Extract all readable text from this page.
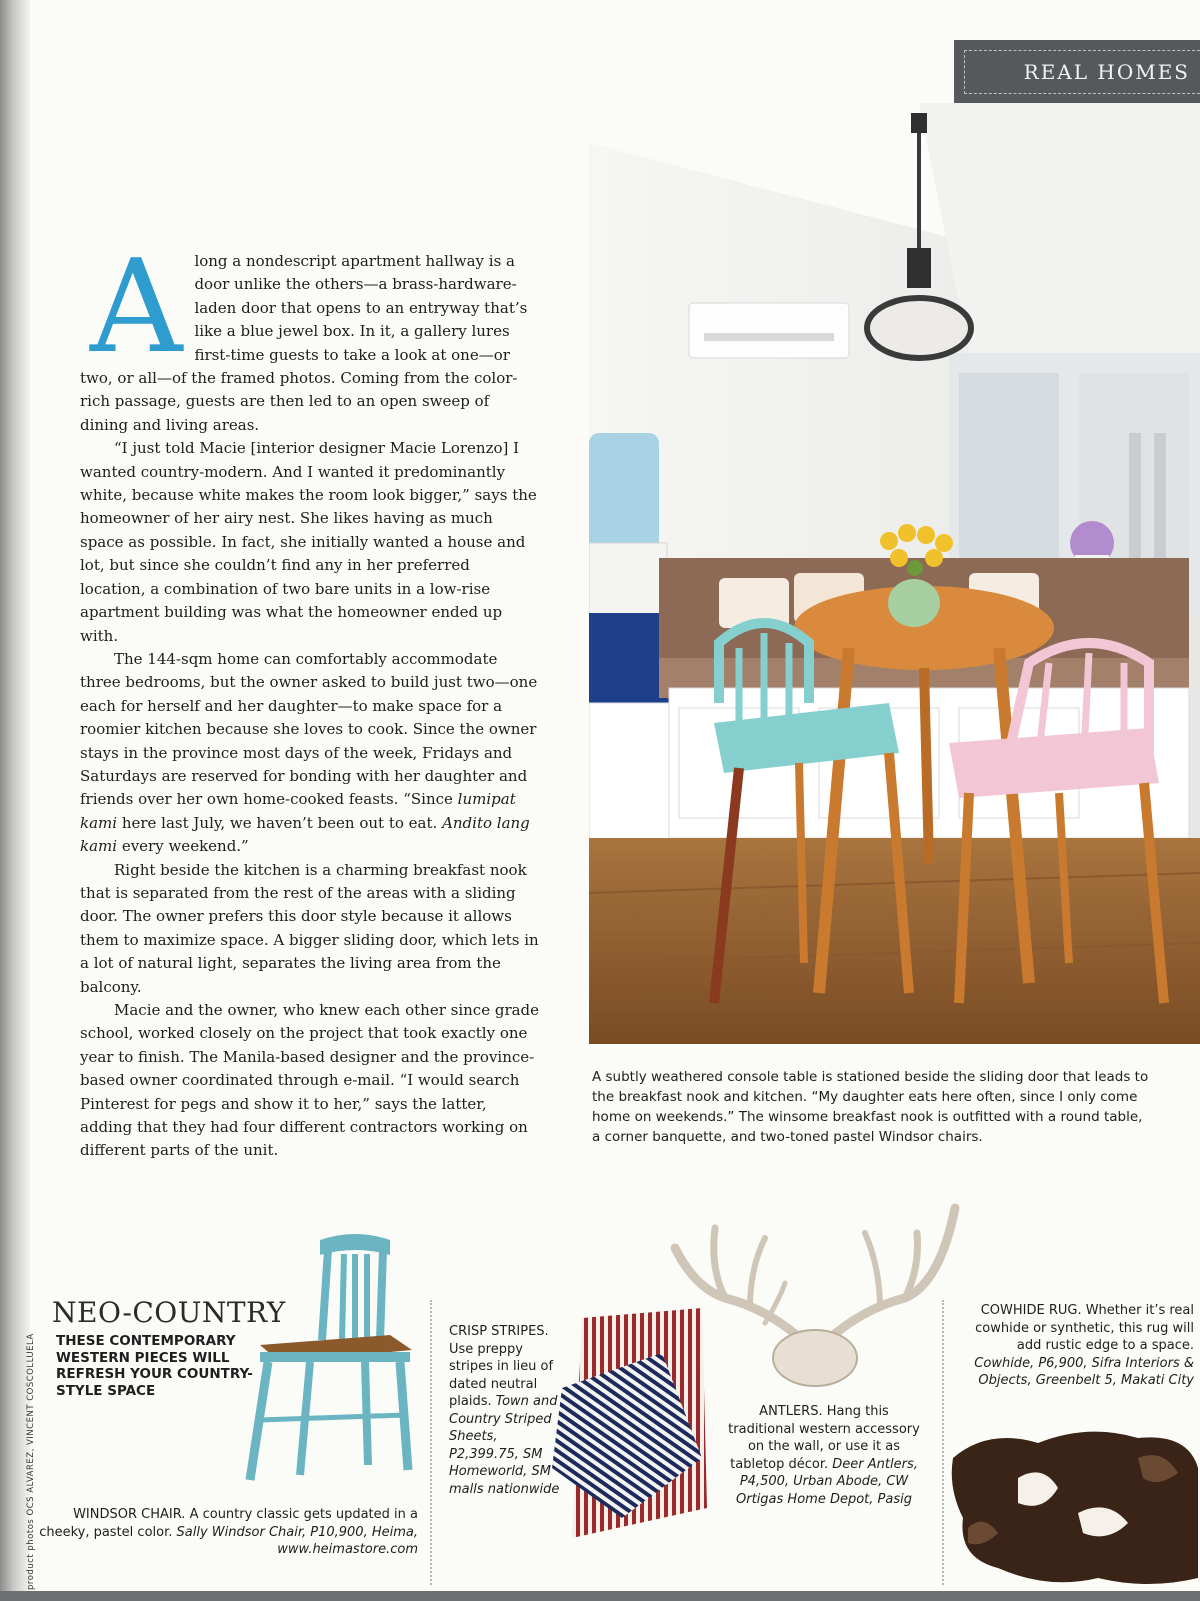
REAL HOMES
A subtly weathered console table is stationed beside the sliding door that leads to the breakfast nook and kitchen. “My daughter eats here often, since I only come home on weekends.” The winsome breakfast nook is outfitted with a round table, a corner banquette, and two-toned pastel Windsor chairs.

Along a nondescript apartment hallway is a door unlike the others—a brass-hardware-laden door that opens to an entryway that’s like a blue jewel box. In it, a gallery lures first-time guests to take a look at one—or two, or all—of the framed photos. Coming from the color-rich passage, guests are then led to an open sweep of dining and living areas.

“I just told Macie [interior designer Macie Lorenzo] I wanted country-modern. And I wanted it predominantly white, because white makes the room look bigger,” says the homeowner of her airy nest. She likes having as much space as possible. In fact, she initially wanted a house and lot, but since she couldn’t find any in her preferred location, a combination of two bare units in a low-rise apartment building was what the homeowner ended up with.

The 144-sqm home can comfortably accommodate three bedrooms, but the owner asked to build just two—one each for herself and her daughter—to make space for a roomier kitchen because she loves to cook. Since the owner stays in the province most days of the week, Fridays and Saturdays are reserved for bonding with her daughter and friends over her own home-cooked feasts. “Since lumipat kami here last July, we haven’t been out to eat. Andito lang kami every weekend.”

Right beside the kitchen is a charming breakfast nook that is separated from the rest of the areas with a sliding door. The owner prefers this door style because it allows them to maximize space. A bigger sliding door, which lets in a lot of natural light, separates the living area from the balcony.

Macie and the owner, who knew each other since grade school, worked closely on the project that took exactly one year to finish. The Manila-based designer and the province-based owner coordinated through e-mail. “I would search Pinterest for pegs and show it to her,” says the latter, adding that they had four different contractors working on different parts of the unit.

product photos OCS ALVAREZ, VINCENT COSCOLLUELA
NEO-COUNTRY
THESE CONTEMPORARY WESTERN PIECES WILL REFRESH YOUR COUNTRY-STYLE SPACE
WINDSOR CHAIR. A country classic gets updated in a cheeky, pastel color. Sally Windsor Chair, P10,900, Heima, www.heimastore.com
CRISP STRIPES. Use preppy stripes in lieu of dated neutral plaids. Town and Country Striped Sheets, P2,399.75, SM Homeworld, SM malls nationwide
ANTLERS. Hang this traditional western accessory on the wall, or use it as tabletop décor. Deer Antlers, P4,500, Urban Abode, CW Ortigas Home Depot, Pasig
COWHIDE RUG. Whether it’s real cowhide or synthetic, this rug will add rustic edge to a space. Cowhide, P6,900, Sifra Interiors & Objects, Greenbelt 5, Makati City
